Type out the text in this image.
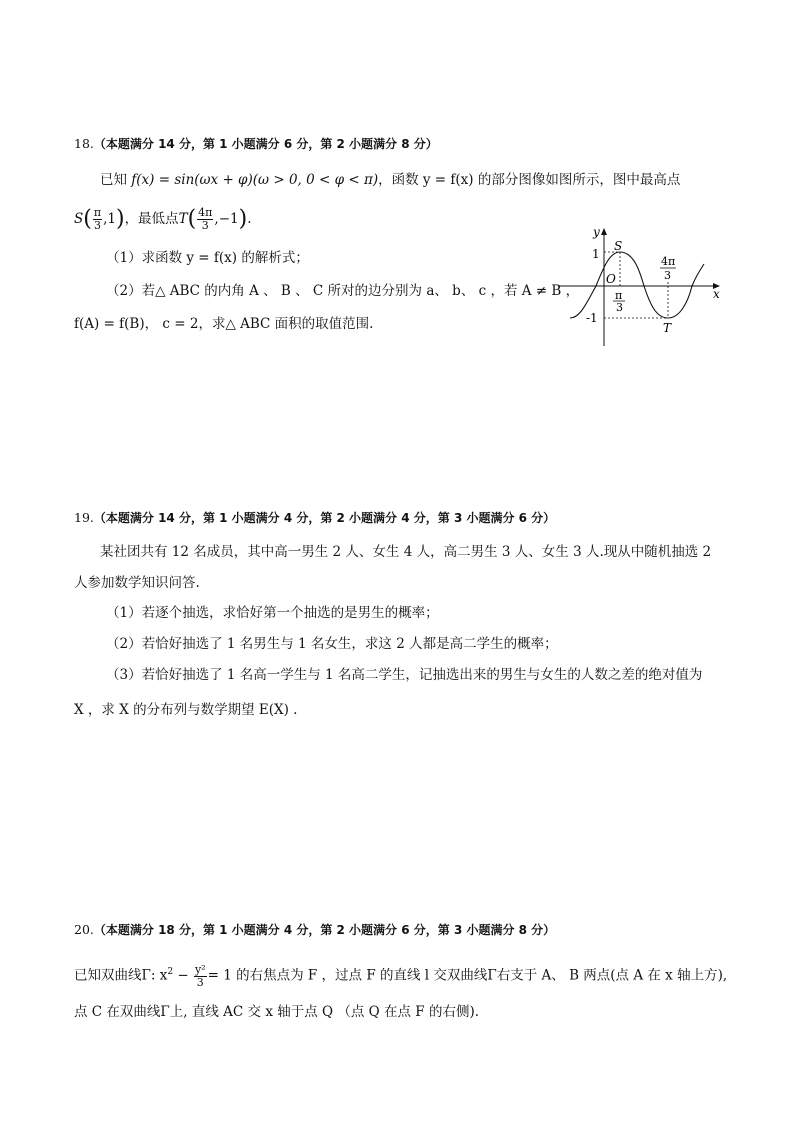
18.（本题满分 14 分，第 1 小题满分 6 分，第 2 小题满分 8 分）
已知 f(x) = sin(ωx + φ)(ω > 0, 0 < φ < π)，函数 y = f(x) 的部分图像如图所示，图中最高点
$S( \frac{\pi}{3} ,1)$，最低点$T( \frac{4\pi}{3} ,-1)$.
（1）求函数 y = f(x) 的解析式；
（2）若△ ABC 的内角 A 、 B 、 C 所对的边分别为 a、 b、 c ，若 A ≠ B ，
f(A) = f(B)， c = 2，求△ ABC 面积的取值范围.
y
x
O
1
-1
S
T
π
3
4π
3
19.（本题满分 14 分，第 1 小题满分 4 分，第 2 小题满分 4 分，第 3 小题满分 6 分）
某社团共有 12 名成员，其中高一男生 2 人、女生 4 人，高二男生 3 人、女生 3 人.现从中随机抽选 2
人参加数学知识问答.
（1）若逐个抽选，求恰好第一个抽选的是男生的概率；
（2）若恰好抽选了 1 名男生与 1 名女生，求这 2 人都是高二学生的概率；
（3）若恰好抽选了 1 名高一学生与 1 名高二学生，记抽选出来的男生与女生的人数之差的绝对值为
X ，求 X 的分布列与数学期望 E(X) .
20.（本题满分 18 分，第 1 小题满分 4 分，第 2 小题满分 6 分，第 3 小题满分 8 分）
已知双曲线Γ: $x^2 - \frac{\text{y²}}{3} = 1$ 的右焦点为 F ，过点 F 的直线 l 交双曲线Γ右支于 A、 B 两点(点 A 在 x 轴上方),
点 C 在双曲线Γ上, 直线 AC 交 x 轴于点 Q （点 Q 在点 F 的右侧).
